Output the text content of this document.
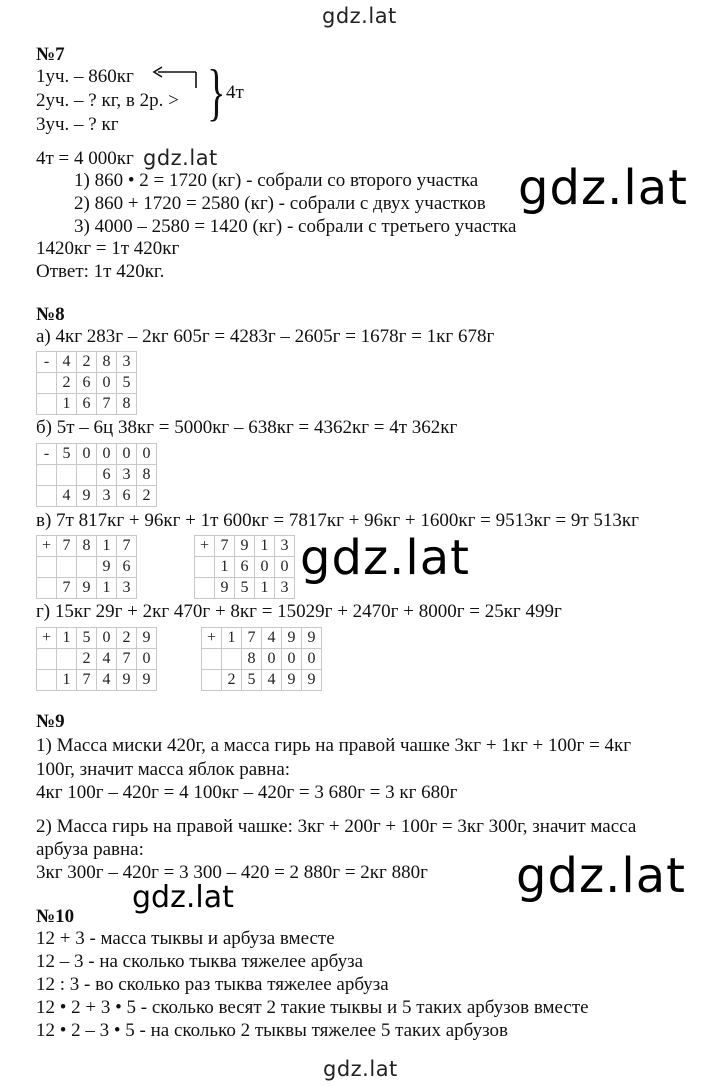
gdz.lat
gdz.lat
gdz.lat
gdz.lat
gdz.lat
gdz.lat
gdz.lat
№7
1уч. – 860кг
2уч. – ? кг, в 2р. >
3уч. – ? кг } 4т
4т = 4 000кг
1) 860 • 2 = 1720 (кг) - собрали со второго участка
2) 860 + 1720 = 2580 (кг) - собрали с двух участков
3) 4000 – 2580 = 1420 (кг) - собрали с третьего участка
1420кг = 1т 420кг
Ответ: 1т 420кг.
№8
а) 4кг 283г – 2кг 605г = 4283г – 2605г = 1678г = 1кг 678г
-	4	2	8	3
	2	6	0	5
	1	6	7	8
б) 5т – 6ц 38кг = 5000кг – 638кг = 4362кг = 4т 362кг
-	5	0	0	0	0
			6	3	8
	4	9	3	6	2
в) 7т 817кг + 96кг + 1т 600кг = 7817кг + 96кг + 1600кг = 9513кг = 9т 513кг
+	7	8	1	7
			9	6
	7	9	1	3
+	7	9	1	3
	1	6	0	0
	9	5	1	3
г) 15кг 29г + 2кг 470г + 8кг = 15029г + 2470г + 8000г = 25кг 499г
+	1	5	0	2	9
		2	4	7	0
	1	7	4	9	9
+	1	7	4	9	9
		8	0	0	0
	2	5	4	9	9
№9
1) Масса миски 420г, а масса гирь на правой чашке 3кг + 1кг + 100г = 4кг
100г, значит масса яблок равна:
4кг 100г – 420г = 4 100кг – 420г = 3 680г = 3 кг 680г
2) Масса гирь на правой чашке: 3кг + 200г + 100г = 3кг 300г, значит масса
арбуза равна:
3кг 300г – 420г = 3 300 – 420 = 2 880г = 2кг 880г
№10
12 + 3 - масса тыквы и арбуза вместе
12 – 3 - на сколько тыква тяжелее арбуза
12 : 3 - во сколько раз тыква тяжелее арбуза
12 • 2 + 3 • 5 - сколько весят 2 такие тыквы и 5 таких арбузов вместе
12 • 2 – 3 • 5 - на сколько 2 тыквы тяжелее 5 таких арбузов
